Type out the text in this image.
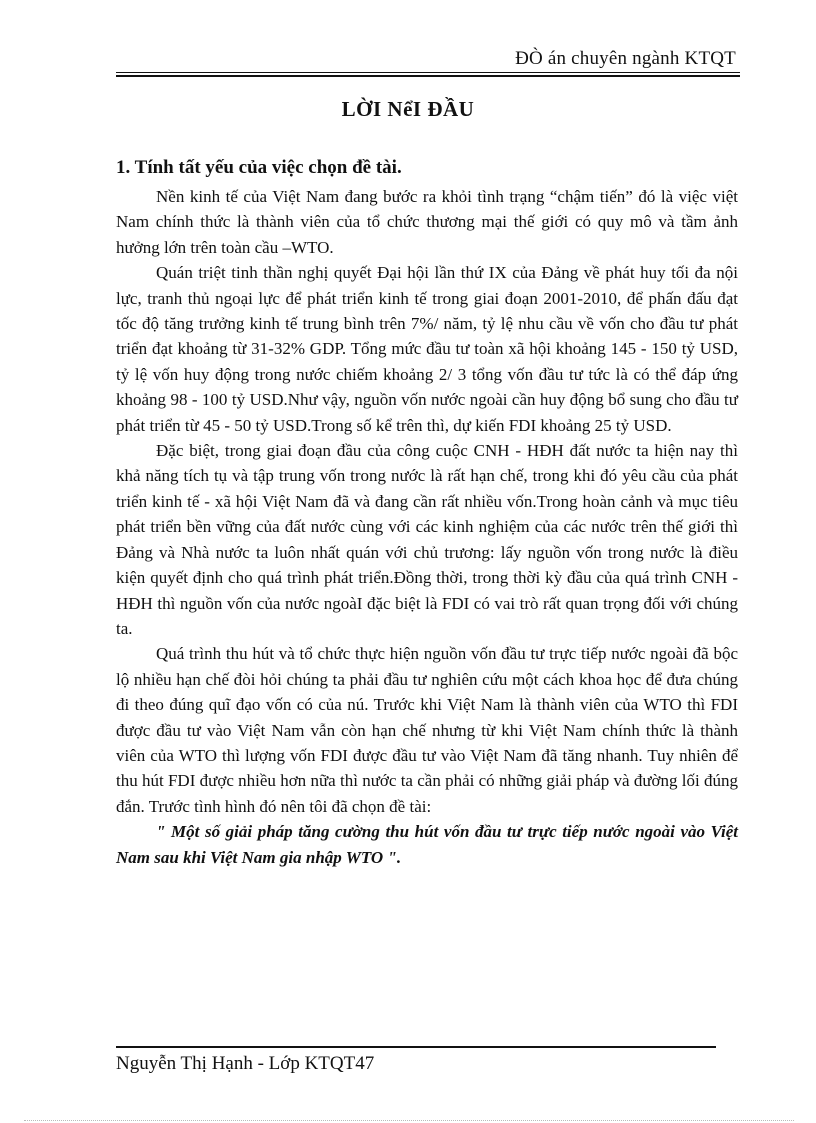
ĐÒ án chuyên ngành KTQT
LỜI NểI ĐẦU
1. Tính tất yếu của việc chọn đề tài.

Nền kinh tế của Việt Nam đang bước ra khỏi tình trạng “chậm tiến” đó là việc việt Nam chính thức là thành viên của tổ chức thương mại thế giới có quy mô và tầm ảnh hưởng lớn trên toàn cầu –WTO.

Quán triệt tinh thần nghị quyết Đại hội lần thứ IX của Đảng về phát huy tối đa nội lực, tranh thủ ngoại lực để phát triển kinh tế trong giai đoạn 2001-2010, để phấn đấu đạt tốc độ tăng trưởng kinh tế trung bình trên 7%/ năm, tỷ lệ nhu cầu về vốn cho đầu tư phát triển đạt khoảng từ 31-32% GDP. Tổng mức đầu tư toàn xã hội khoảng 145 - 150 tỷ USD, tỷ lệ vốn huy động trong nước chiếm khoảng 2/ 3 tổng vốn đầu tư tức là có thể đáp ứng khoảng 98 - 100 tỷ USD.Như vậy, nguồn vốn nước ngoài cần huy động bổ sung cho đầu tư phát triển từ 45 - 50 tỷ USD.Trong số kể trên thì, dự kiến FDI khoảng 25 tỷ USD.

Đặc biệt, trong giai đoạn đầu của công cuộc CNH - HĐH đất nước ta hiện nay thì khả năng tích tụ và tập trung vốn trong nước là rất hạn chế, trong khi đó yêu cầu của phát triển kinh tế - xã hội Việt Nam đã và đang cần rất nhiều vốn.Trong hoàn cảnh và mục tiêu phát triển bền vững của đất nước cùng với các kinh nghiệm của các nước trên thế giới thì Đảng và Nhà nước ta luôn nhất quán với chủ trương: lấy nguồn vốn trong nước là điều kiện quyết định cho quá trình phát triển.Đồng thời, trong thời kỳ đầu của quá trình CNH - HĐH thì nguồn vốn của nước ngoàI đặc biệt là FDI có vai trò rất quan trọng đối với chúng ta.

Quá trình thu hút và tổ chức thực hiện nguồn vốn đầu tư trực tiếp nước ngoài đã bộc lộ nhiều hạn chế đòi hỏi chúng ta phải đầu tư nghiên cứu một cách khoa học để đưa chúng đi theo đúng quĩ đạo vốn có của nú. Trước khi Việt Nam là thành viên của WTO thì FDI được đầu tư vào Việt Nam vẫn còn hạn chế nhưng từ khi Việt Nam chính thức là thành viên của WTO thì lượng vốn FDI được đầu tư vào Việt Nam đã tăng nhanh. Tuy nhiên để thu hút FDI được nhiều hơn nữa thì nước ta cần phải có những giải pháp và đường lối đúng đắn. Trước tình hình đó nên tôi đã chọn đề tài:

" Một số giải pháp tăng cường thu hút vốn đầu tư trực tiếp nước ngoài vào Việt Nam sau khi Việt Nam gia nhập WTO ".

Nguyễn Thị Hạnh - Lớp KTQT47
